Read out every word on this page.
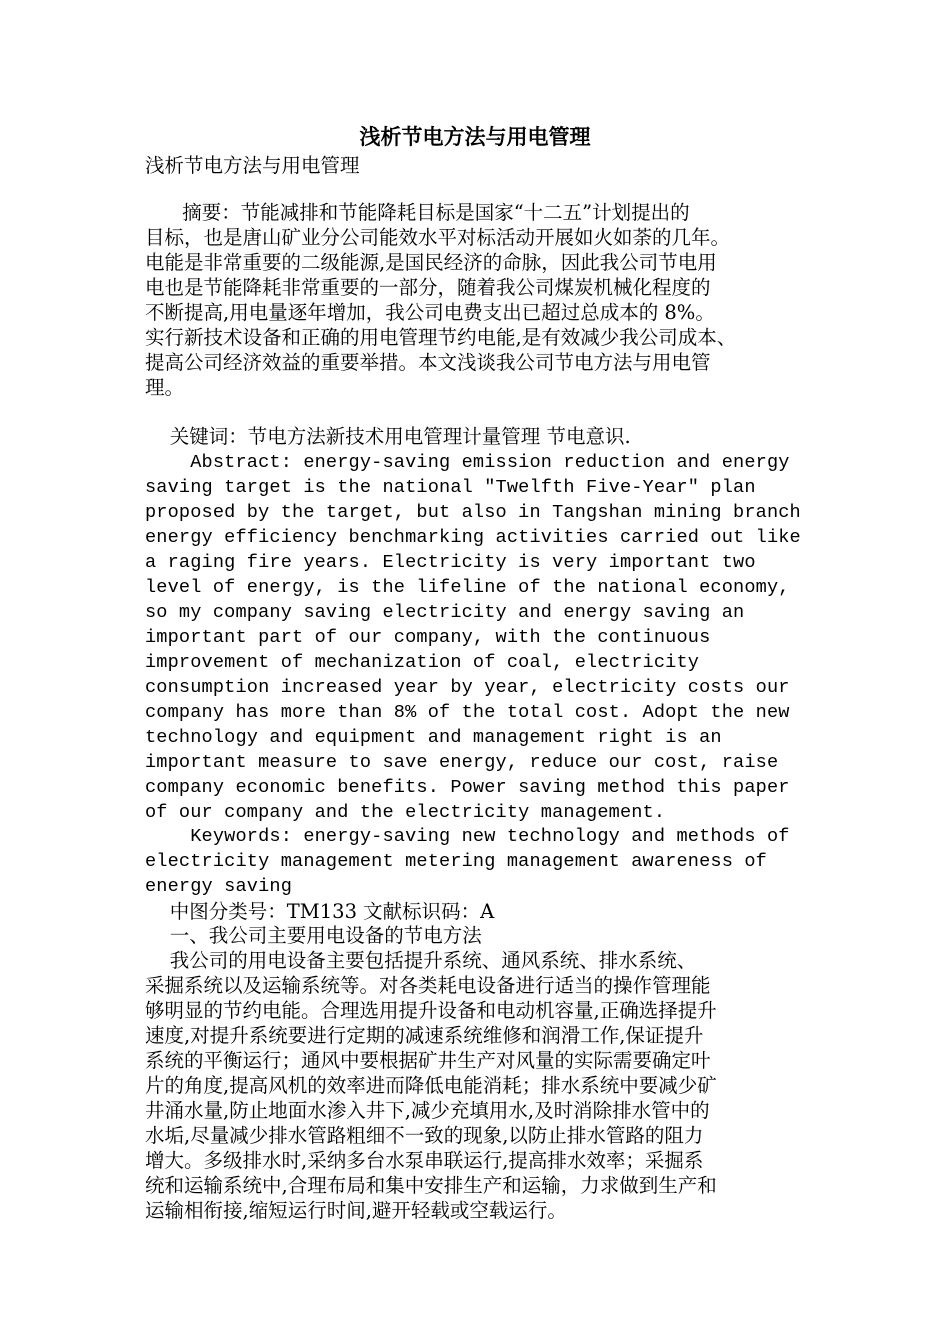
浅析节电方法与用电管理

浅析节电方法与用电管理

摘要：节能减排和节能降耗目标是国家“十二五”计划提出的

目标，也是唐山矿业分公司能效水平对标活动开展如火如荼的几年。

电能是非常重要的二级能源,是国民经济的命脉，因此我公司节电用

电也是节能降耗非常重要的一部分，随着我公司煤炭机械化程度的

不断提高,用电量逐年增加，我公司电费支出已超过总成本的 8%。

实行新技术设备和正确的用电管理节约电能,是有效减少我公司成本、

提高公司经济效益的重要举措。本文浅谈我公司节电方法与用电管

理。

关键词：节电方法新技术用电管理计量管理 节电意识.

Abstract: energy-saving emission reduction and energy

saving target is the national "Twelfth Five-Year" plan

proposed by the target, but also in Tangshan mining branch

energy efficiency benchmarking activities carried out like

a raging fire years. Electricity is very important two

level of energy, is the lifeline of the national economy,

so my company saving electricity and energy saving an

important part of our company, with the continuous

improvement of mechanization of coal, electricity

consumption increased year by year, electricity costs our

company has more than 8% of the total cost. Adopt the new

technology and equipment and management right is an

important measure to save energy, reduce our cost, raise

company economic benefits. Power saving method this paper

of our company and the electricity management.

Keywords: energy-saving new technology and methods of

electricity management metering management awareness of

energy saving

中图分类号：TM133 文献标识码：A

一、我公司主要用电设备的节电方法

我公司的用电设备主要包括提升系统、通风系统、排水系统、

采掘系统以及运输系统等。对各类耗电设备进行适当的操作管理能

够明显的节约电能。合理选用提升设备和电动机容量,正确选择提升

速度,对提升系统要进行定期的减速系统维修和润滑工作,保证提升

系统的平衡运行；通风中要根据矿井生产对风量的实际需要确定叶

片的角度,提高风机的效率进而降低电能消耗；排水系统中要减少矿

井涌水量,防止地面水渗入井下,减少充填用水,及时消除排水管中的

水垢,尽量减少排水管路粗细不一致的现象,以防止排水管路的阻力

增大。多级排水时,采纳多台水泵串联运行,提高排水效率；采掘系

统和运输系统中,合理布局和集中安排生产和运输，力求做到生产和

运输相衔接,缩短运行时间,避开轻载或空载运行。
